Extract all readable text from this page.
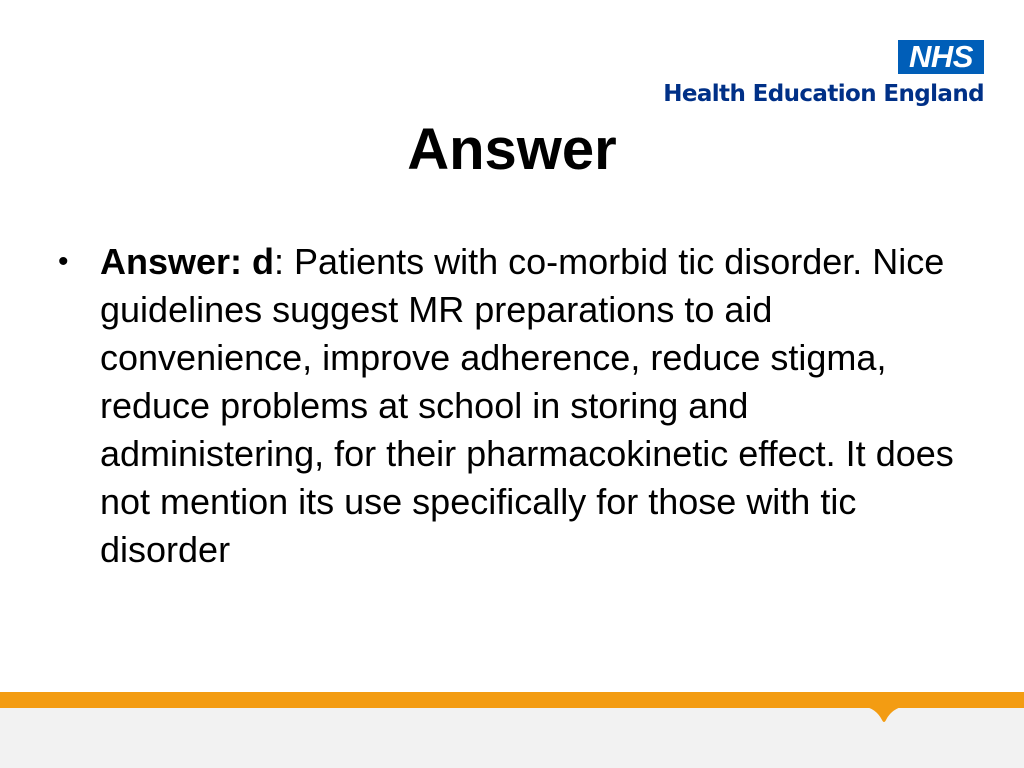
NHS
Health Education England
Answer
• Answer: d: Patients with co-morbid tic disorder. Nice guidelines suggest MR preparations to aid convenience, improve adherence, reduce stigma, reduce problems at school in storing and administering, for their pharmacokinetic effect. It does not mention its use specifically for those with tic disorder
